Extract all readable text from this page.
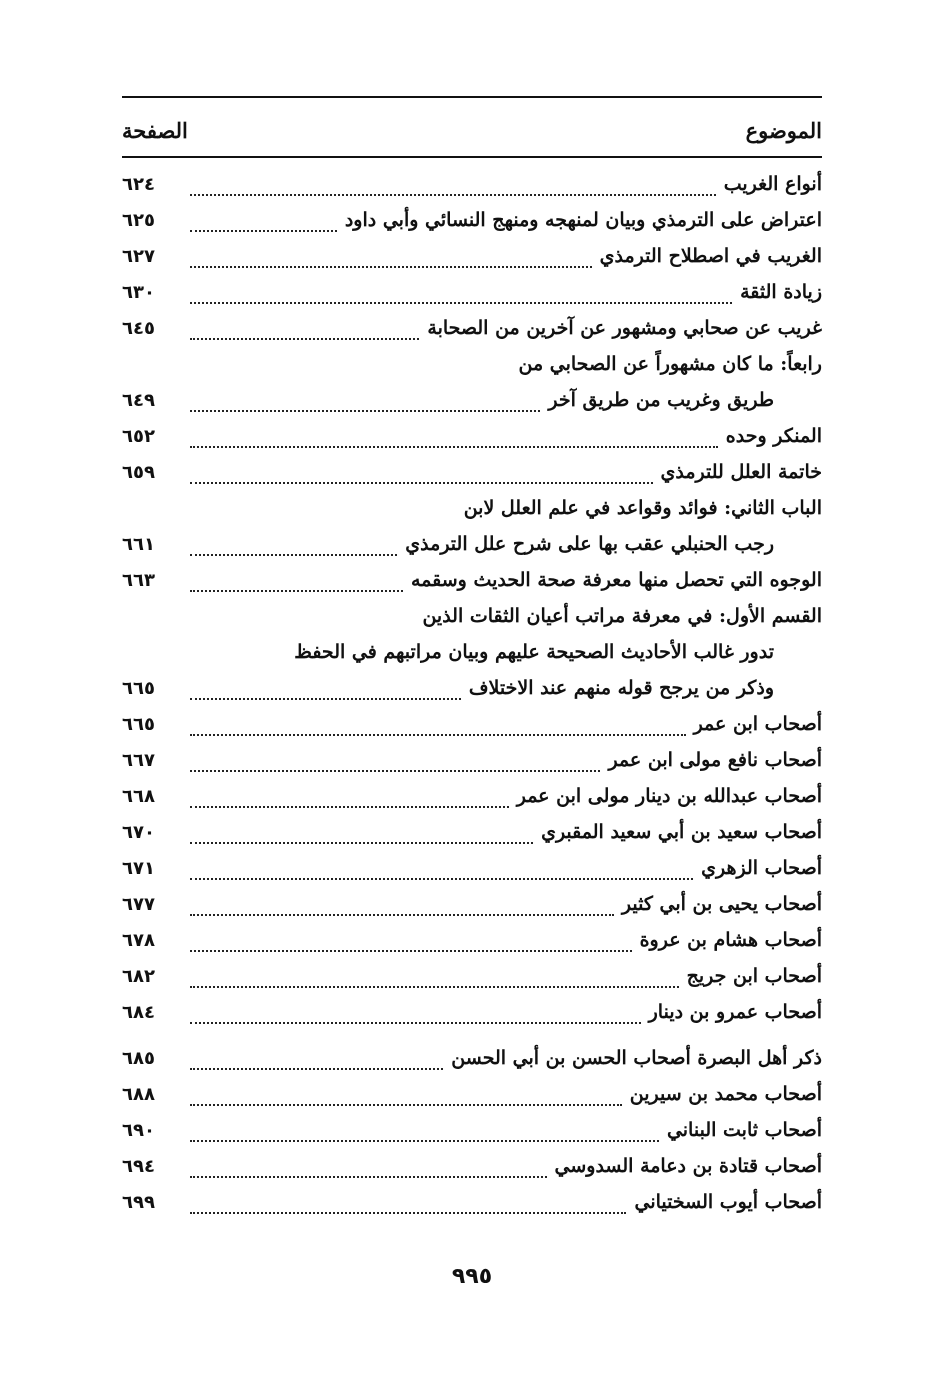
الموضوع
الصفحة
أنواع الغريب
٦٢٤
اعتراض على الترمذي وبيان لمنهجه ومنهج النسائي وأبي داود
٦٢٥
الغريب في اصطلاح الترمذي
٦٢٧
زيادة الثقة
٦٣٠
غريب عن صحابي ومشهور عن آخرين من الصحابة
٦٤٥
رابعاً: ما كان مشهوراً عن الصحابي من
طريق وغريب من طريق آخر
٦٤٩
المنكر وحده
٦٥٢
خاتمة العلل للترمذي
٦٥٩
الباب الثاني: فوائد وقواعد في علم العلل لابن
رجب الحنبلي عقب بها على شرح علل الترمذي
٦٦١
الوجوه التي تحصل منها معرفة صحة الحديث وسقمه
٦٦٣
القسم الأول: في معرفة مراتب أعيان الثقات الذين
تدور غالب الأحاديث الصحيحة عليهم وبيان مراتبهم في الحفظ
وذكر من يرجح قوله منهم عند الاختلاف
٦٦٥
أصحاب ابن عمر
٦٦٥
أصحاب نافع مولى ابن عمر
٦٦٧
أصحاب عبدالله بن دينار مولى ابن عمر
٦٦٨
أصحاب سعيد بن أبي سعيد المقبري
٦٧٠
أصحاب الزهري
٦٧١
أصحاب يحيى بن أبي كثير
٦٧٧
أصحاب هشام بن عروة
٦٧٨
أصحاب ابن جريج
٦٨٢
أصحاب عمرو بن دينار
٦٨٤
ذكر أهل البصرة أصحاب الحسن بن أبي الحسن
٦٨٥
أصحاب محمد بن سيرين
٦٨٨
أصحاب ثابت البناني
٦٩٠
أصحاب قتادة بن دعامة السدوسي
٦٩٤
أصحاب أيوب السختياني
٦٩٩
٩٩٥
